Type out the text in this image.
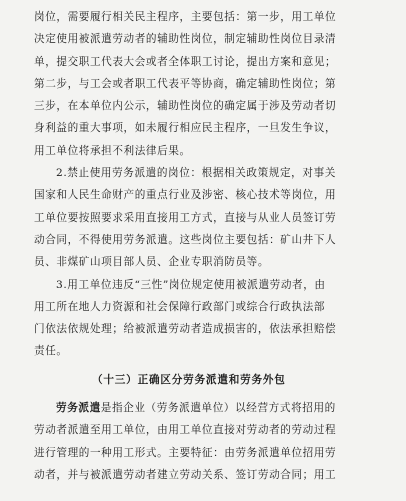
岗位，需要履行相关民主程序，主要包括：第一步，用工单位
决定使用被派遣劳动者的辅助性岗位，制定辅助性岗位目录清
单，提交职工代表大会或者全体职工讨论，提出方案和意见；
第二步，与工会或者职工代表平等协商，确定辅助性岗位；第
三步，在本单位内公示，辅助性岗位的确定属于涉及劳动者切
身利益的重大事项，如未履行相应民主程序，一旦发生争议，
用工单位将承担不利法律后果。
2.禁止使用劳务派遣的岗位：根据相关政策规定，对事关
国家和人民生命财产的重点行业及涉密、核心技术等岗位，用
工单位要按照要求采用直接用工方式，直接与从业人员签订劳
动合同，不得使用劳务派遣。这些岗位主要包括：矿山井下人
员、非煤矿山项目部人员、企业专职消防员等。
3.用工单位违反“三性”岗位规定使用被派遣劳动者，由
用工所在地人力资源和社会保障行政部门或综合行政执法部
门依法依规处理；给被派遣劳动者造成损害的，依法承担赔偿
责任。
（十三）正确区分劳务派遣和劳务外包
劳务派遣是指企业（劳务派遣单位）以经营方式将招用的
劳动者派遣至用工单位，由用工单位直接对劳动者的劳动过程
进行管理的一种用工形式。主要特征：由劳务派遣单位招用劳
动者，并与被派遣劳动者建立劳动关系、签订劳动合同；用工
